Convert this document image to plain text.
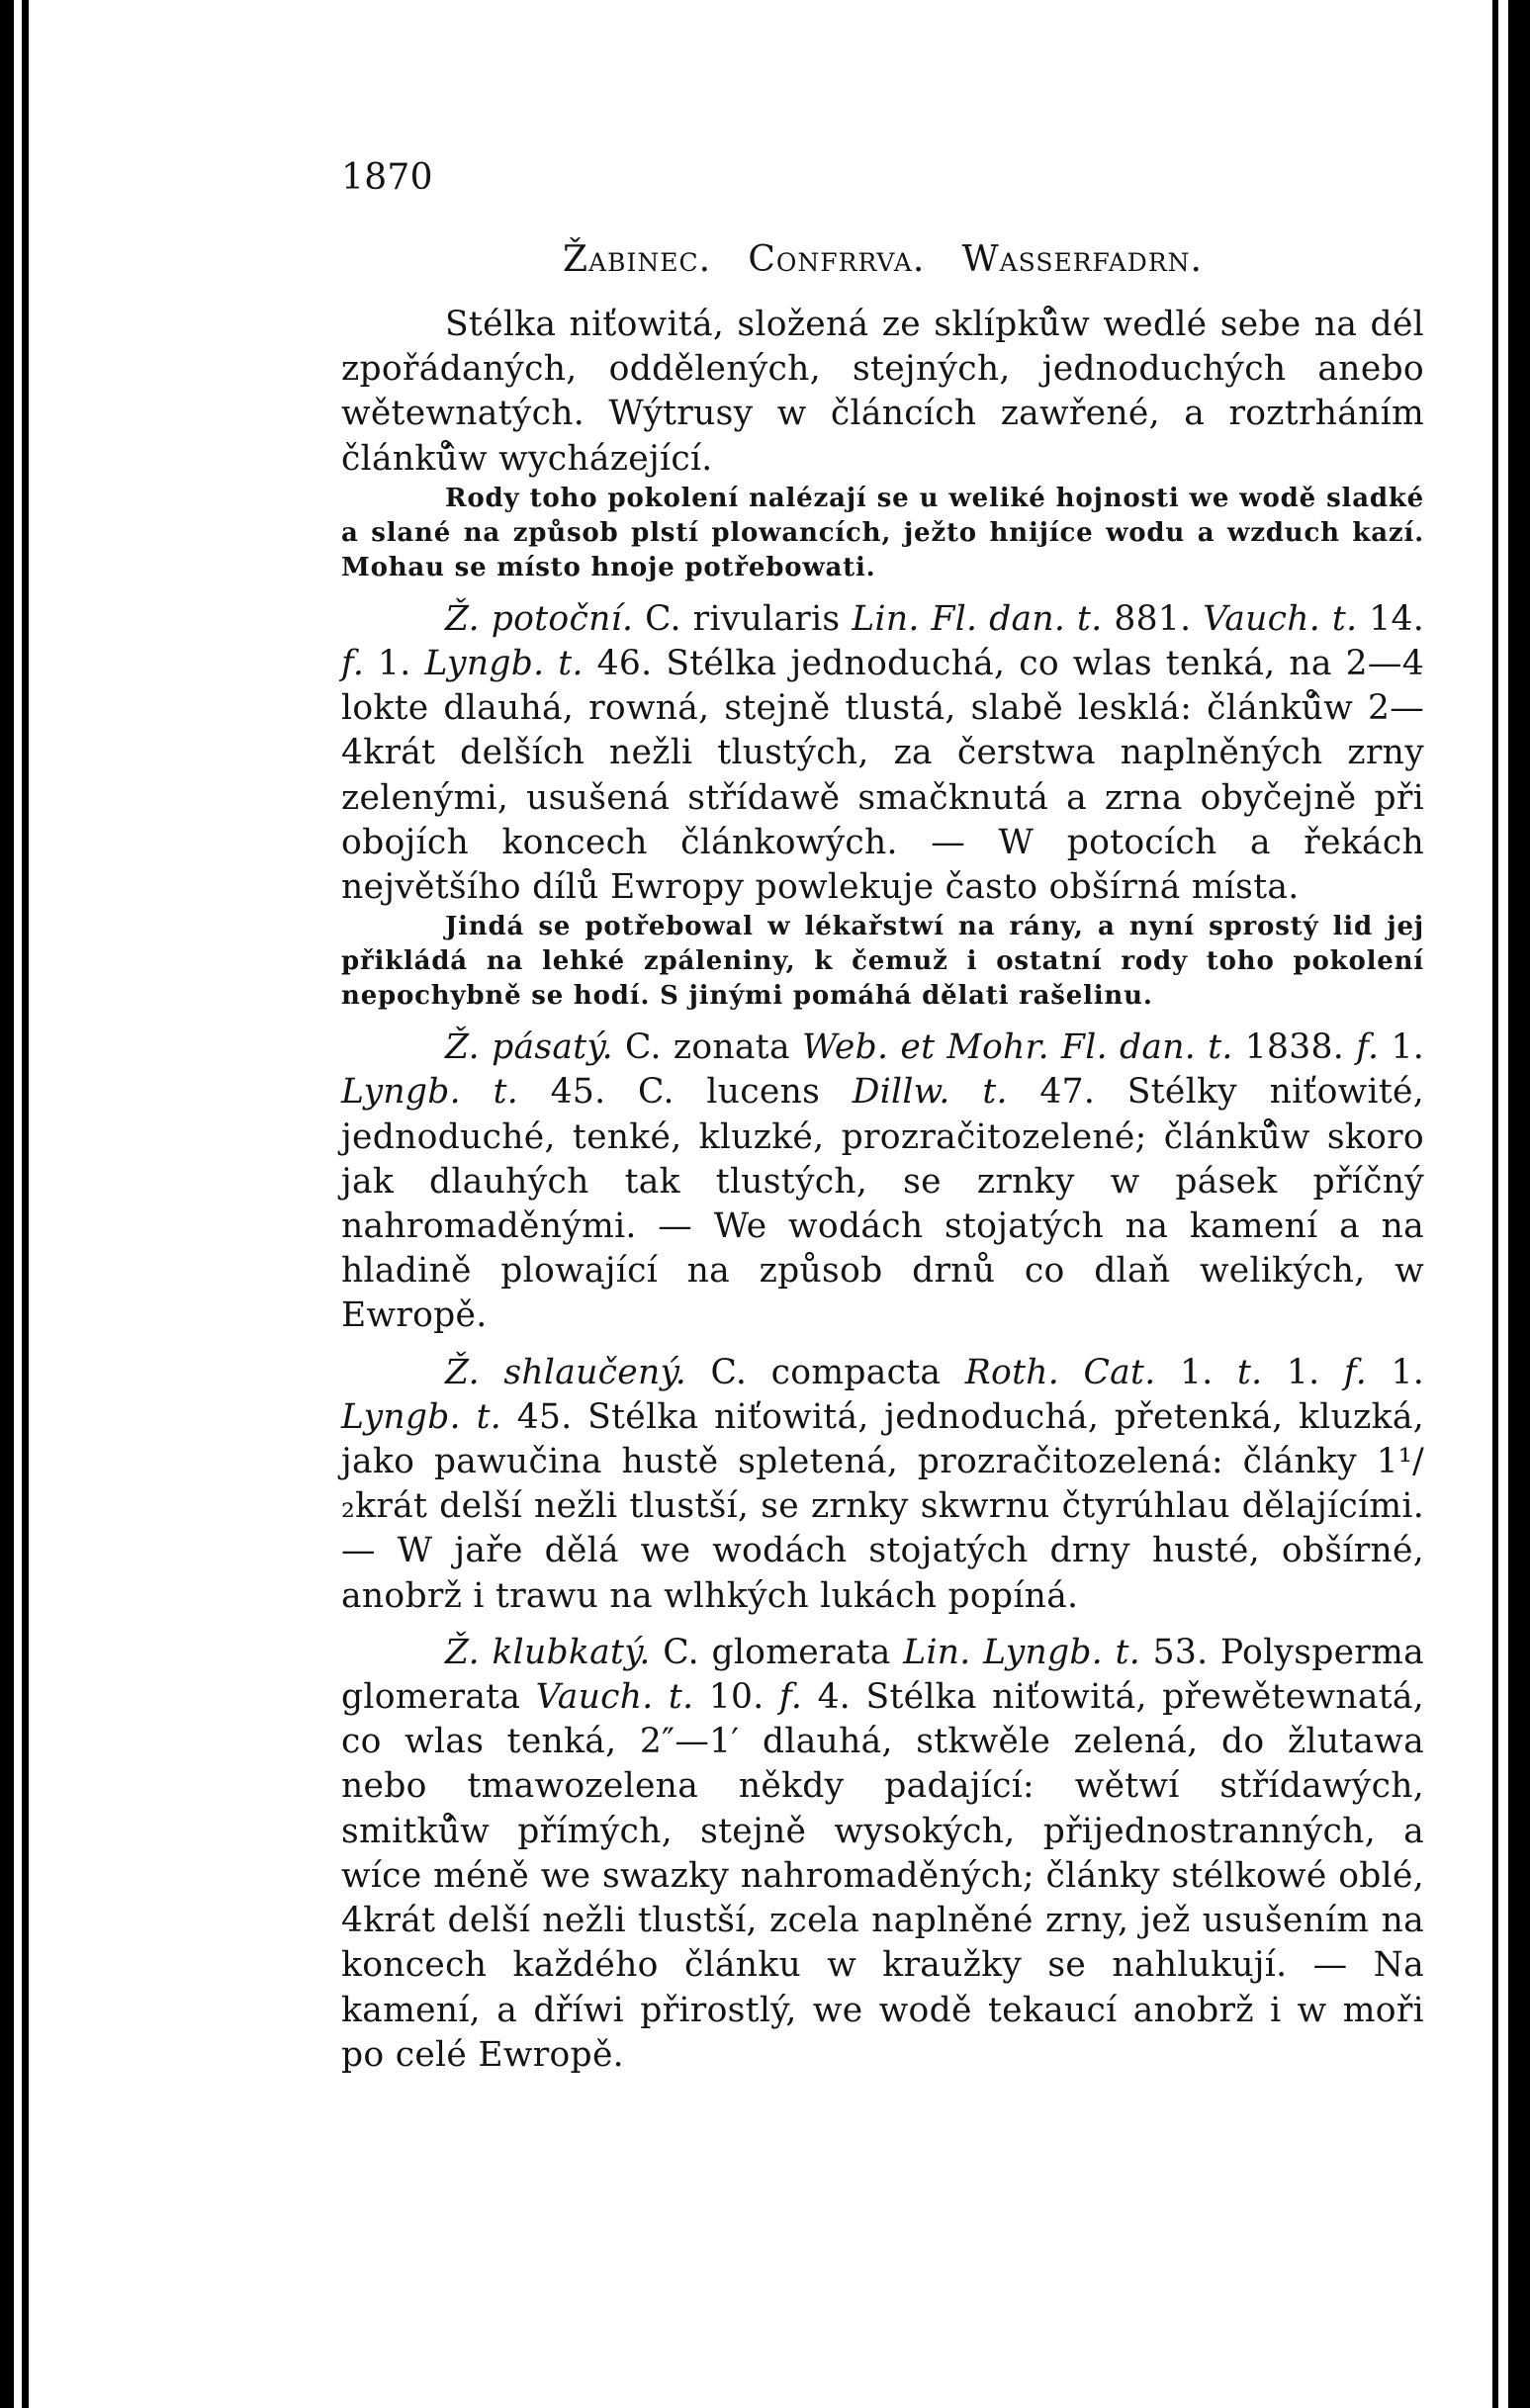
1870
Žabinec. Confrrva. Wasserfadrn.

Stélka niťowitá, složená ze sklípků̂w wedlé sebe na dél zpořádaných, oddělených, stejných, jednoduchých anebo wětewnatých. Wýtrusy w článcích zawřené, a roztrháním článků̂w wycházející.

Rody toho pokolení nalézají se u weliké hojnosti we wodě sladké a slané na způsob plstí plowancích, ježto hnijíce wodu a wzduch kazí. Mohau se místo hnoje potřebowati.

Ž. potoční. C. rivularis Lin. Fl. dan. t. 881. Vauch. t. 14. f. 1. Lyngb. t. 46. Stélka jednoduchá, co wlas tenká, na 2—4 lokte dlauhá, rowná, stejně tlustá, slabě lesklá: článků̂w 2—4krát delších nežli tlustých, za čerstwa naplněných zrny zelenými, usušená střídawě smačknutá a zrna obyčejně při obojích koncech článkowých. — W potocích a řekách největšího dílů Ewropy powlekuje často obšírná místa.

Jindá se potřebowal w lékařstwí na rány, a nyní sprostý lid jej přikládá na lehké zpáleniny, k čemuž i ostatní rody toho pokolení nepochybně se hodí. S jinými pomáhá dělati rašelinu.

Ž. pásatý. C. zonata Web. et Mohr. Fl. dan. t. 1838. f. 1. Lyngb. t. 45. C. lucens Dillw. t. 47. Stélky niťowité, jednoduché, tenké, kluzké, prozračitozelené; článků̂w skoro jak dlauhých tak tlustých, se zrnky w pásek příčný nahromaděnými. — We wodách stojatých na kamení a na hladině plowající na způsob drnů co dlaň welikých, w Ewropě.

Ž. shlaučený. C. compacta Roth. Cat. 1. t. 1. f. 1. Lyngb. t. 45. Stélka niťowitá, jednoduchá, přetenká, kluzká, jako pawučina hustě spletená, prozračitozelená: články 1¹/₂krát delší nežli tlustší, se zrnky skwrnu čtyrúhlau dělajícími. — W jaře dělá we wodách stojatých drny husté, obšírné, anobrž i trawu na wlhkých lukách popíná.

Ž. klubkatý. C. glomerata Lin. Lyngb. t. 53. Polysperma glomerata Vauch. t. 10. f. 4. Stélka niťowitá, přewětewnatá, co wlas tenká, 2″—1′ dlauhá, stkwěle zelená, do žlutawa nebo tmawozelena někdy padající: wětwí střídawých, smitků̂w přímých, stejně wysokých, přijednostranných, a wíce méně we swazky nahromaděných; články stélkowé oblé, 4krát delší nežli tlustší, zcela naplněné zrny, jež usušením na koncech každého článku w kraužky se nahlukují. — Na kamení, a dříwi přirostlý, we wodě tekaucí anobrž i w moři po celé Ewropě.
